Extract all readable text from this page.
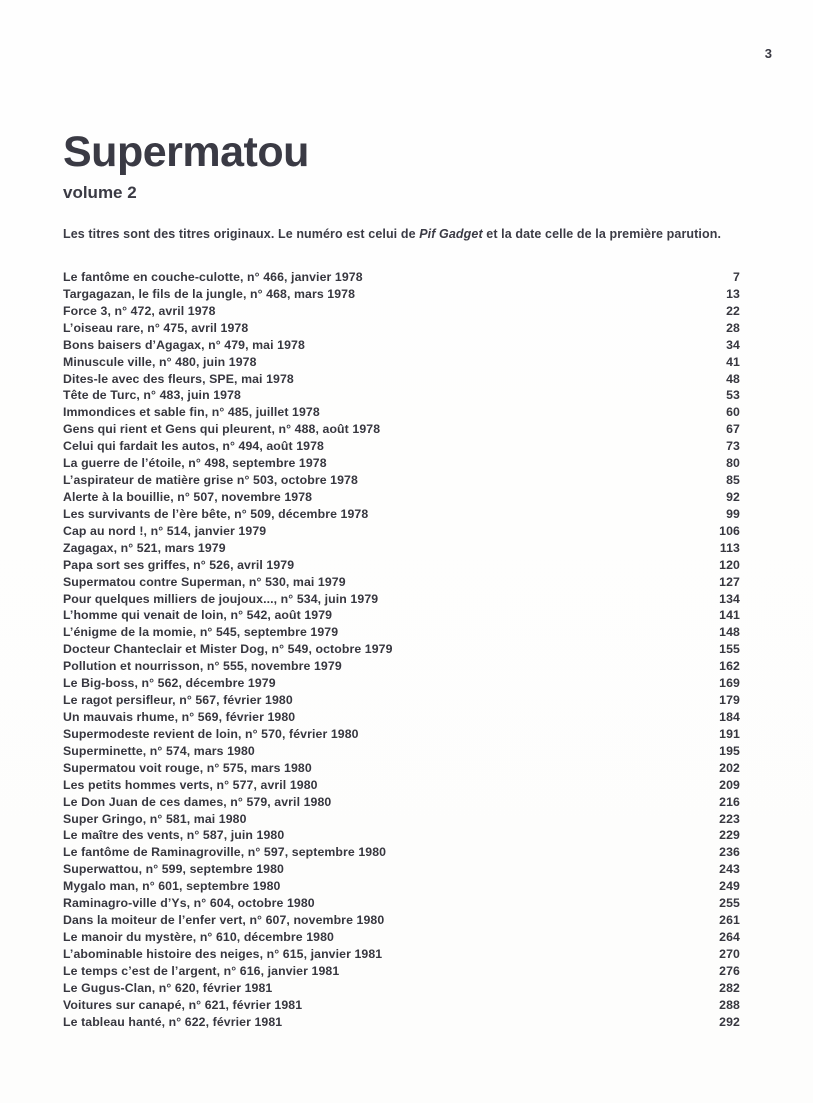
3
Supermatou
volume 2

Les titres sont des titres originaux. Le numéro est celui de Pif Gadget et la date celle de la première parution.

Le fantôme en couche-culotte, n° 466, janvier 1978	7
Targagazan, le fils de la jungle, n° 468, mars 1978	13
Force 3, n° 472, avril 1978	22
L’oiseau rare, n° 475, avril 1978	28
Bons baisers d’Agagax, n° 479, mai 1978	34
Minuscule ville, n° 480, juin 1978	41
Dites-le avec des fleurs, SPE, mai 1978	48
Tête de Turc, n° 483, juin 1978	53
Immondices et sable fin, n° 485, juillet 1978	60
Gens qui rient et Gens qui pleurent, n° 488, août 1978	67
Celui qui fardait les autos, n° 494, août 1978	73
La guerre de l’étoile, n° 498, septembre 1978	80
L’aspirateur de matière grise n° 503, octobre 1978	85
Alerte à la bouillie, n° 507, novembre 1978	92
Les survivants de l’ère bête, n° 509, décembre 1978	99
Cap au nord !, n° 514, janvier 1979	106
Zagagax, n° 521, mars 1979	113
Papa sort ses griffes, n° 526, avril 1979	120
Supermatou contre Superman, n° 530, mai 1979	127
Pour quelques milliers de joujoux..., n° 534, juin 1979	134
L’homme qui venait de loin, n° 542, août 1979	141
L’énigme de la momie, n° 545, septembre 1979	148
Docteur Chanteclair et Mister Dog, n° 549, octobre 1979	155
Pollution et nourrisson, n° 555, novembre 1979	162
Le Big-boss, n° 562, décembre 1979	169
Le ragot persifleur, n° 567, février 1980	179
Un mauvais rhume, n° 569, février 1980	184
Supermodeste revient de loin, n° 570, février 1980	191
Superminette, n° 574, mars 1980	195
Supermatou voit rouge, n° 575, mars 1980	202
Les petits hommes verts, n° 577, avril 1980	209
Le Don Juan de ces dames, n° 579, avril 1980	216
Super Gringo, n° 581, mai 1980	223
Le maître des vents, n° 587, juin 1980	229
Le fantôme de Raminagroville, n° 597, septembre 1980	236
Superwattou, n° 599, septembre 1980	243
Mygalo man, n° 601, septembre 1980	249
Raminagro-ville d’Ys, n° 604, octobre 1980	255
Dans la moiteur de l’enfer vert, n° 607, novembre 1980	261
Le manoir du mystère, n° 610, décembre 1980	264
L’abominable histoire des neiges, n° 615, janvier 1981	270
Le temps c’est de l’argent, n° 616, janvier 1981	276
Le Gugus-Clan, n° 620, février 1981	282
Voitures sur canapé, n° 621, février 1981	288
Le tableau hanté, n° 622, février 1981	292
